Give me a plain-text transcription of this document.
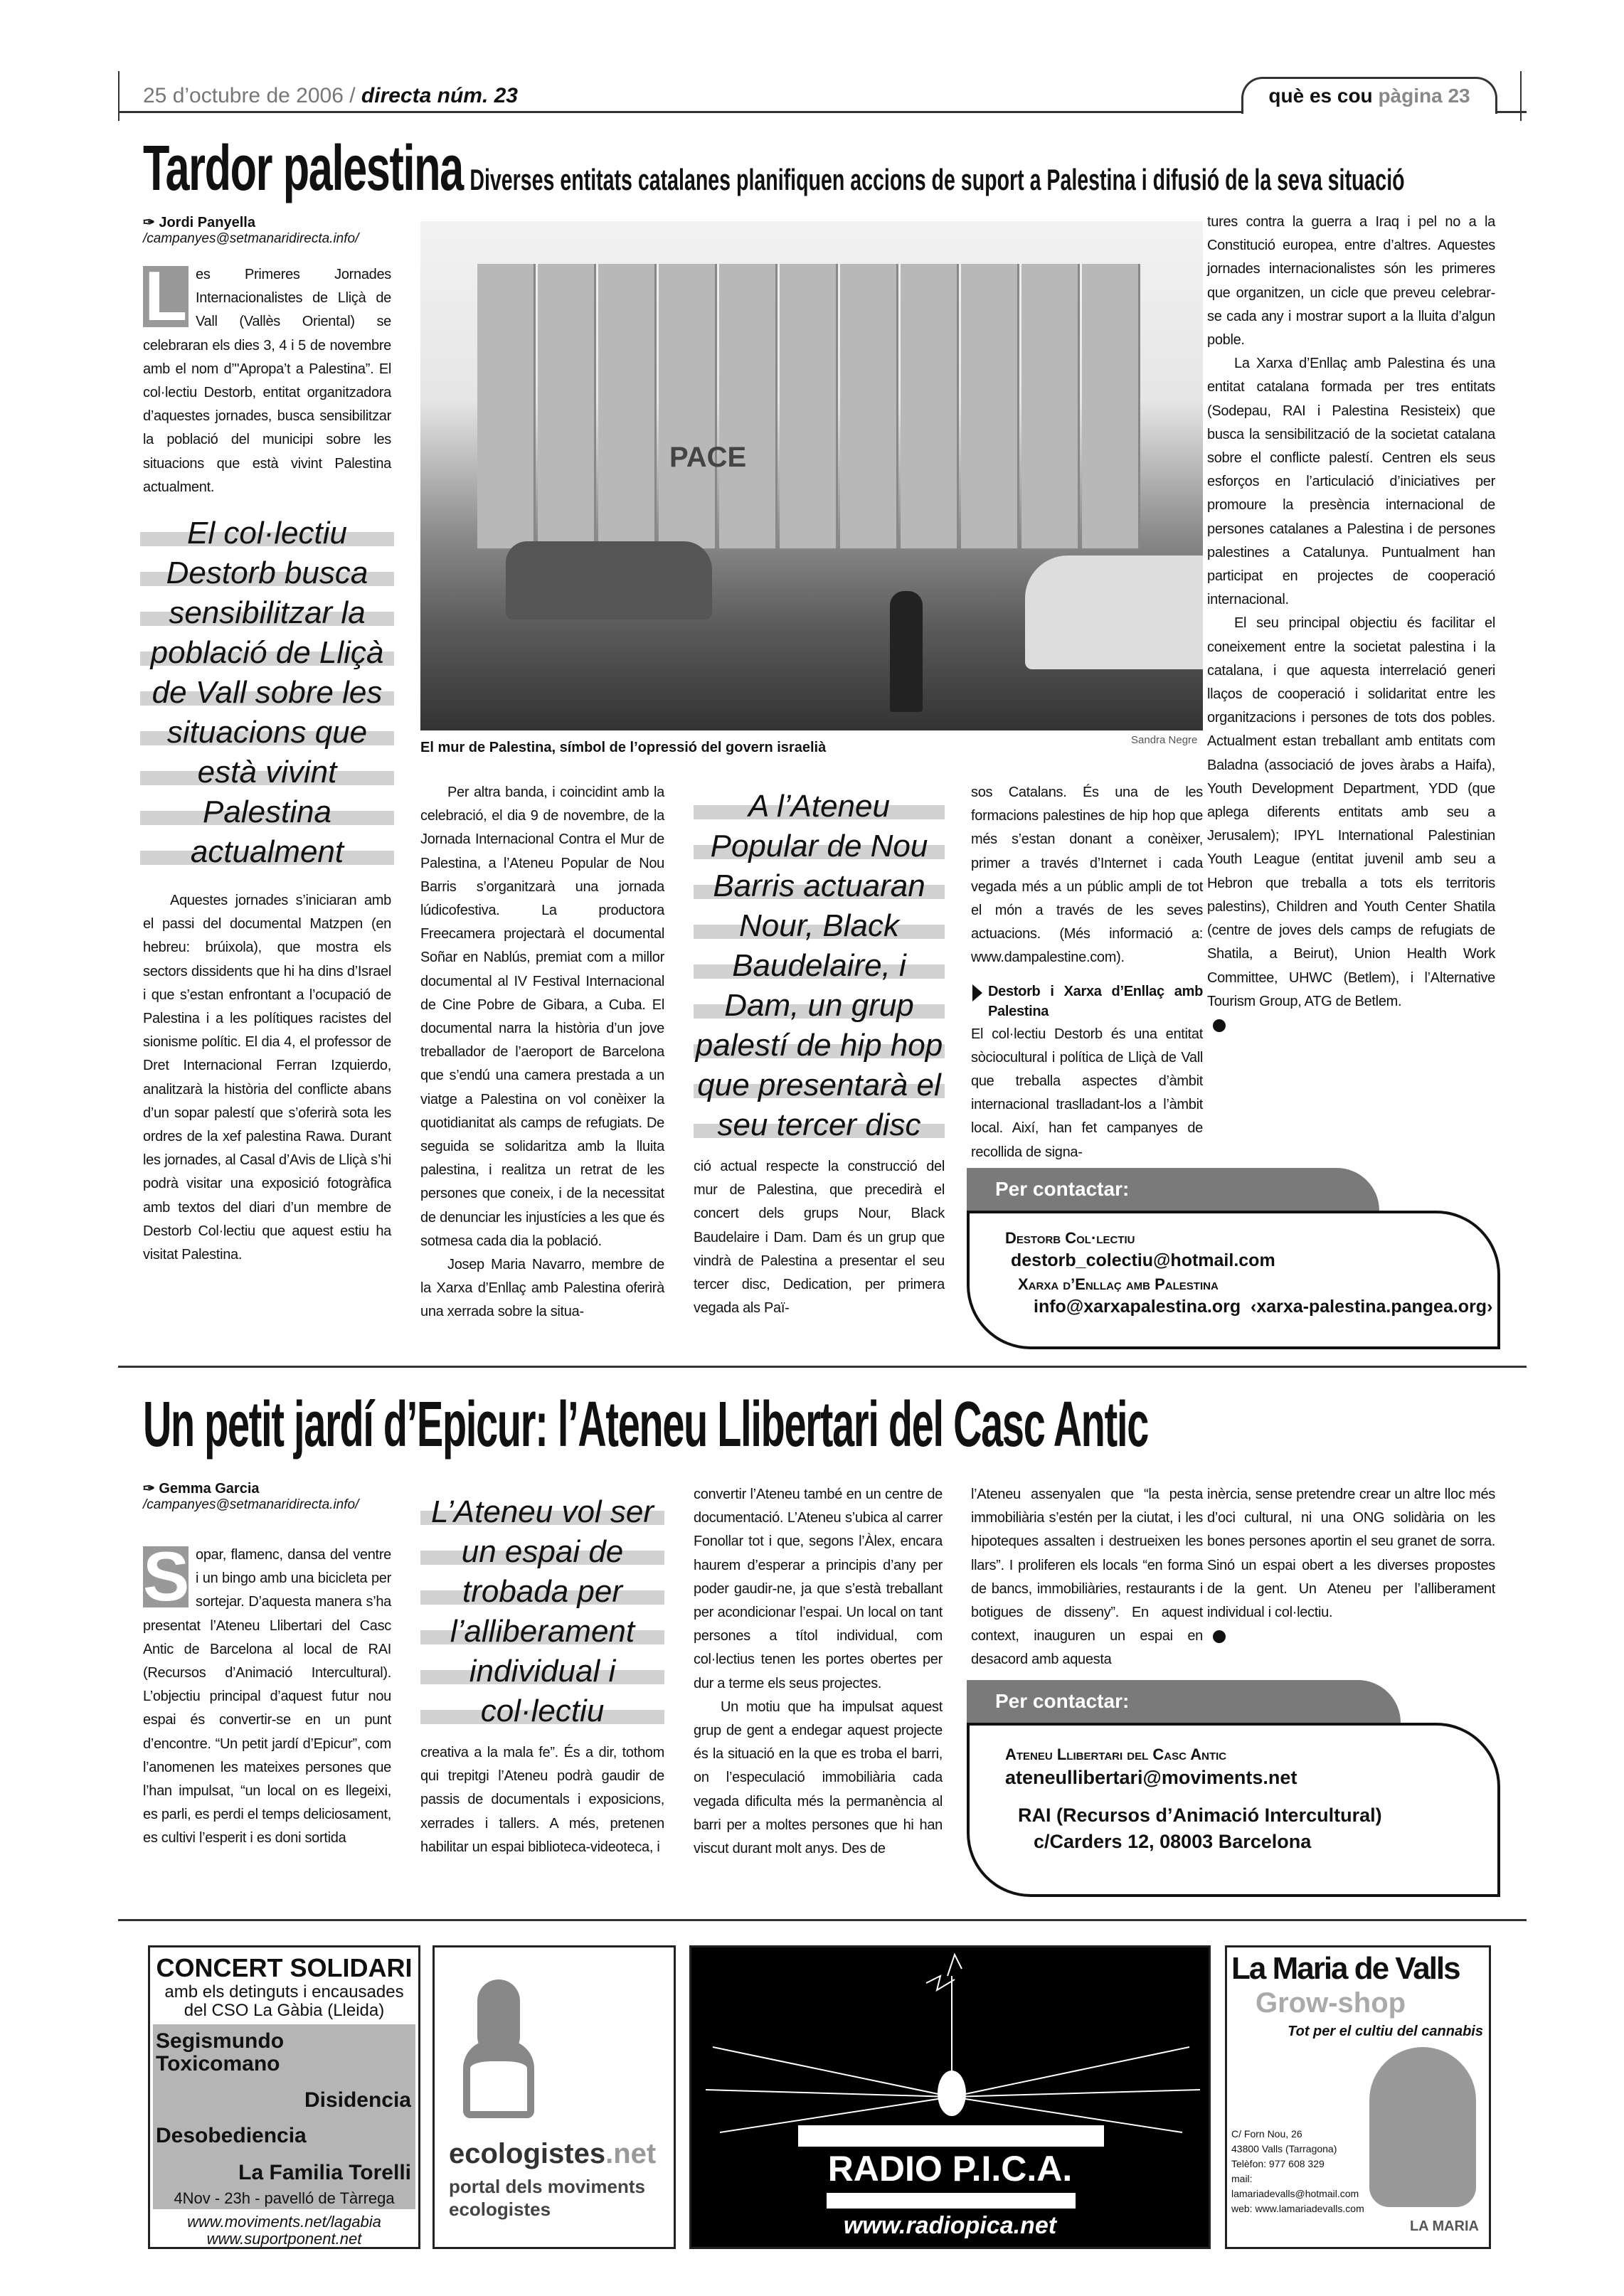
25 d’octubre de 2006 / directa núm. 23	què es cou pàgina 23
Tardor palestina Diverses entitats catalanes planifiquen accions de suport a Palestina i difusió de la seva situació
✑ Jordi Panyella
/campanyes@setmanaridirecta.info/
L es Primeres Jornades Internacionalistes de Lliçà de Vall (Vallès Oriental) se celebraran els dies 3, 4 i 5 de novembre amb el nom d’"Apropa’t a Palestina”. El col·lectiu Destorb, entitat organitzadora d’aquestes jornades, busca sensibilitzar la població del municipi sobre les situacions que està vivint Palestina actualment.

El col·lectiu Destorb busca sensibilitzar la població de Lliçà de Vall sobre les situacions que està vivint Palestina actualment

Aquestes jornades s’iniciaran amb el passi del documental Matzpen (en hebreu: brúixola), que mostra els sectors dissidents que hi ha dins d’Israel i que s’estan enfrontant a l’ocupació de Palestina i a les polítiques racistes del sionisme polític. El dia 4, el professor de Dret Internacional Ferran Izquierdo, analitzarà la història del conflicte abans d’un sopar palestí que s’oferirà sota les ordres de la xef palestina Rawa. Durant les jornades, al Casal d’Avis de Lliçà s’hi podrà visitar una exposició fotogràfica amb textos del diari d’un membre de Destorb Col·lectiu que aquest estiu ha visitat Palestina.

PACE
El mur de Palestina, símbol de l’opressió del govern israelià	Sandra Negre

Per altra banda, i coincidint amb la celebració, el dia 9 de novembre, de la Jornada Internacional Contra el Mur de Palestina, a l’Ateneu Popular de Nou Barris s’organitzarà una jornada lúdicofestiva. La productora Freecamera projectarà el documental Soñar en Nablús, premiat com a millor documental al IV Festival Internacional de Cine Pobre de Gibara, a Cuba. El documental narra la història d’un jove treballador de l’aeroport de Barcelona que s’endú una camera prestada a un viatge a Palestina on vol conèixer la quotidianitat als camps de refugiats. De seguida se solidaritza amb la lluita palestina, i realitza un retrat de les persones que coneix, i de la necessitat de denunciar les injustícies a les que és sotmesa cada dia la població.

Josep Maria Navarro, membre de la Xarxa d’Enllaç amb Palestina oferirà una xerrada sobre la situa-

A l’Ateneu Popular de Nou Barris actuaran Nour, Black Baudelaire, i Dam, un grup palestí de hip hop que presentarà el seu tercer disc

ció actual respecte la construcció del mur de Palestina, que precedirà el concert dels grups Nour, Black Baudelaire i Dam. Dam és un grup que vindrà de Palestina a presentar el seu tercer disc, Dedication, per primera vegada als Paï-

sos Catalans. És una de les formacions palestines de hip hop que més s’estan donant a conèixer, primer a través d’Internet i cada vegada més a un públic ampli de tot el món a través de les seves actuacions. (Més informació a: www.dampalestine.com).

Destorb i Xarxa d’Enllaç amb Palestina

El col·lectiu Destorb és una entitat sòciocultural i política de Lliçà de Vall que treballa aspectes d’àmbit internacional traslladant-los a l’àmbit local. Així, han fet campanyes de recollida de signa-

tures contra la guerra a Iraq i pel no a la Constitució europea, entre d’altres. Aquestes jornades internacionalistes són les primeres que organitzen, un cicle que preveu celebrar-se cada any i mostrar suport a la lluita d’algun poble.

La Xarxa d’Enllaç amb Palestina és una entitat catalana formada per tres entitats (Sodepau, RAI i Palestina Resisteix) que busca la sensibilització de la societat catalana sobre el conflicte palestí. Centren els seus esforços en l’articulació d’iniciatives per promoure la presència internacional de persones catalanes a Palestina i de persones palestines a Catalunya. Puntualment han participat en projectes de cooperació internacional.

El seu principal objectiu és facilitar el coneixement entre la societat palestina i la catalana, i que aquesta interrelació generi llaços de cooperació i solidaritat entre les organitzacions i persones de tots dos pobles. Actualment estan treballant amb entitats com Baladna (associació de joves àrabs a Haifa), Youth Development Department, YDD (que aplega diferents entitats amb seu a Jerusalem); IPYL International Palestinian Youth League (entitat juvenil amb seu a Hebron que treballa a tots els territoris palestins), Children and Youth Center Shatila (centre de joves dels camps de refugiats de Shatila, a Beirut), Union Health Work Committee, UHWC (Betlem), i l’Alternative Tourism Group, ATG de Betlem.

Per contactar:
Destorb Col·lectiu
destorb_colectiu@hotmail.com
Xarxa d’Enllaç amb Palestina
info@xarxapalestina.org  ‹xarxa-palestina.pangea.org›
Un petit jardí d’Epicur: l’Ateneu Llibertari del Casc Antic
✑ Gemma Garcia
/campanyes@setmanaridirecta.info/
S opar, flamenc, dansa del ventre i un bingo amb una bicicleta per sortejar. D’aquesta manera s’ha presentat l’Ateneu Llibertari del Casc Antic de Barcelona al local de RAI (Recursos d’Animació Intercultural). L’objectiu principal d’aquest futur nou espai és convertir-se en un punt d’encontre. “Un petit jardí d’Epicur”, com l’anomenen les mateixes persones que l’han impulsat, “un local on es llegeixi, es parli, es perdi el temps deliciosament, es cultivi l’esperit i es doni sortida

L’Ateneu vol ser un espai de trobada per l’alliberament individual i col·lectiu

creativa a la mala fe”. És a dir, tothom qui trepitgi l’Ateneu podrà gaudir de passis de documentals i exposicions, xerrades i tallers. A més, pretenen habilitar un espai biblioteca-videoteca, i

convertir l’Ateneu també en un centre de documentació. L’Ateneu s’ubica al carrer Fonollar tot i que, segons l’Àlex, encara haurem d’esperar a principis d’any per poder gaudir-ne, ja que s’està treballant per acondicionar l’espai. Un local on tant persones a títol individual, com col·lectius tenen les portes obertes per dur a terme els seus projectes.

Un motiu que ha impulsat aquest grup de gent a endegar aquest projecte és la situació en la que es troba el barri, on l’especulació immobiliària cada vegada dificulta més la permanència al barri per a moltes persones que hi han viscut durant molt anys. Des de

l’Ateneu assenyalen que “la pesta immobiliària s’estén per la ciutat, i les hipoteques assalten i destrueixen les llars”. I proliferen els locals “en forma de bancs, immobiliàries, restaurants i botigues de disseny”. En aquest context, inauguren un espai en desacord amb aquesta

inèrcia, sense pretendre crear un altre lloc més d’oci cultural, ni una ONG solidària on les bones persones aportin el seu granet de sorra. Sinó un espai obert a les diverses propostes de la gent. Un Ateneu per l’alliberament individual i col·lectiu.

Per contactar:
Ateneu Llibertari del Casc Antic
ateneullibertari@moviments.net
RAI (Recursos d’Animació Intercultural)
c/Carders 12, 08003 Barcelona
CONCERT SOLIDARI
amb els detinguts i encausades del CSO La Gàbia (Lleida)
Segismundo Toxicomano
Disidencia
Desobediencia
La Familia Torelli
4Nov - 23h - pavelló de Tàrrega
www.moviments.net/lagabia
www.suportponent.net
ecologistes.net
portal dels moviments ecologistes
RADIO P.I.C.A.
www.radiopica.net
La Maria de Valls
Grow-shop
Tot per el cultiu del cannabis
C/ Forn Nou, 26
43800 Valls (Tarragona)
Telèfon: 977 608 329
mail: lamariadevalls@hotmail.com
web: www.lamariadevalls.com
LA MARIA
